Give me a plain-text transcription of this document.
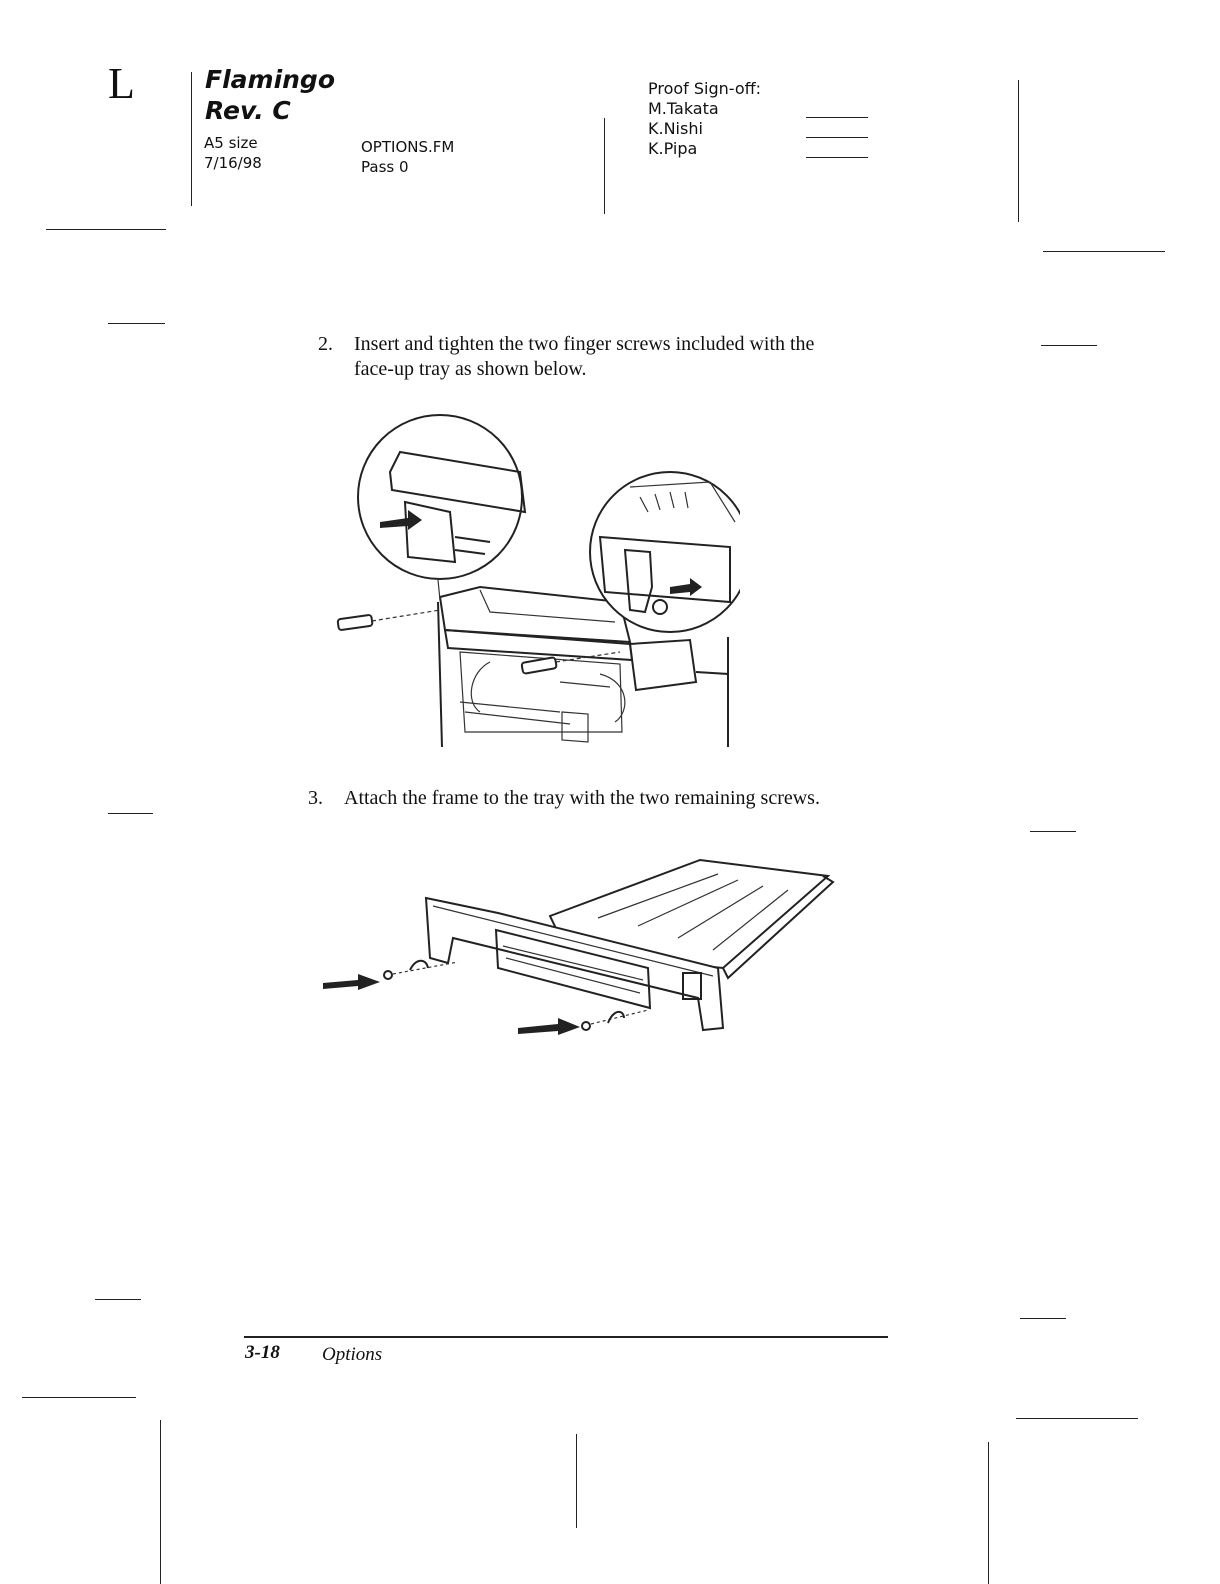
L	Flamingo
Rev. C
A5 size
7/16/98
OPTIONS.FM
Pass 0
Proof Sign-off:
M.Takata
K.Nishi
K.Pipa
2. Insert and tighten the two finger screws included with the
face-up tray as shown below.
3. Attach the frame to the tray with the two remaining screws.
3-18 Options
